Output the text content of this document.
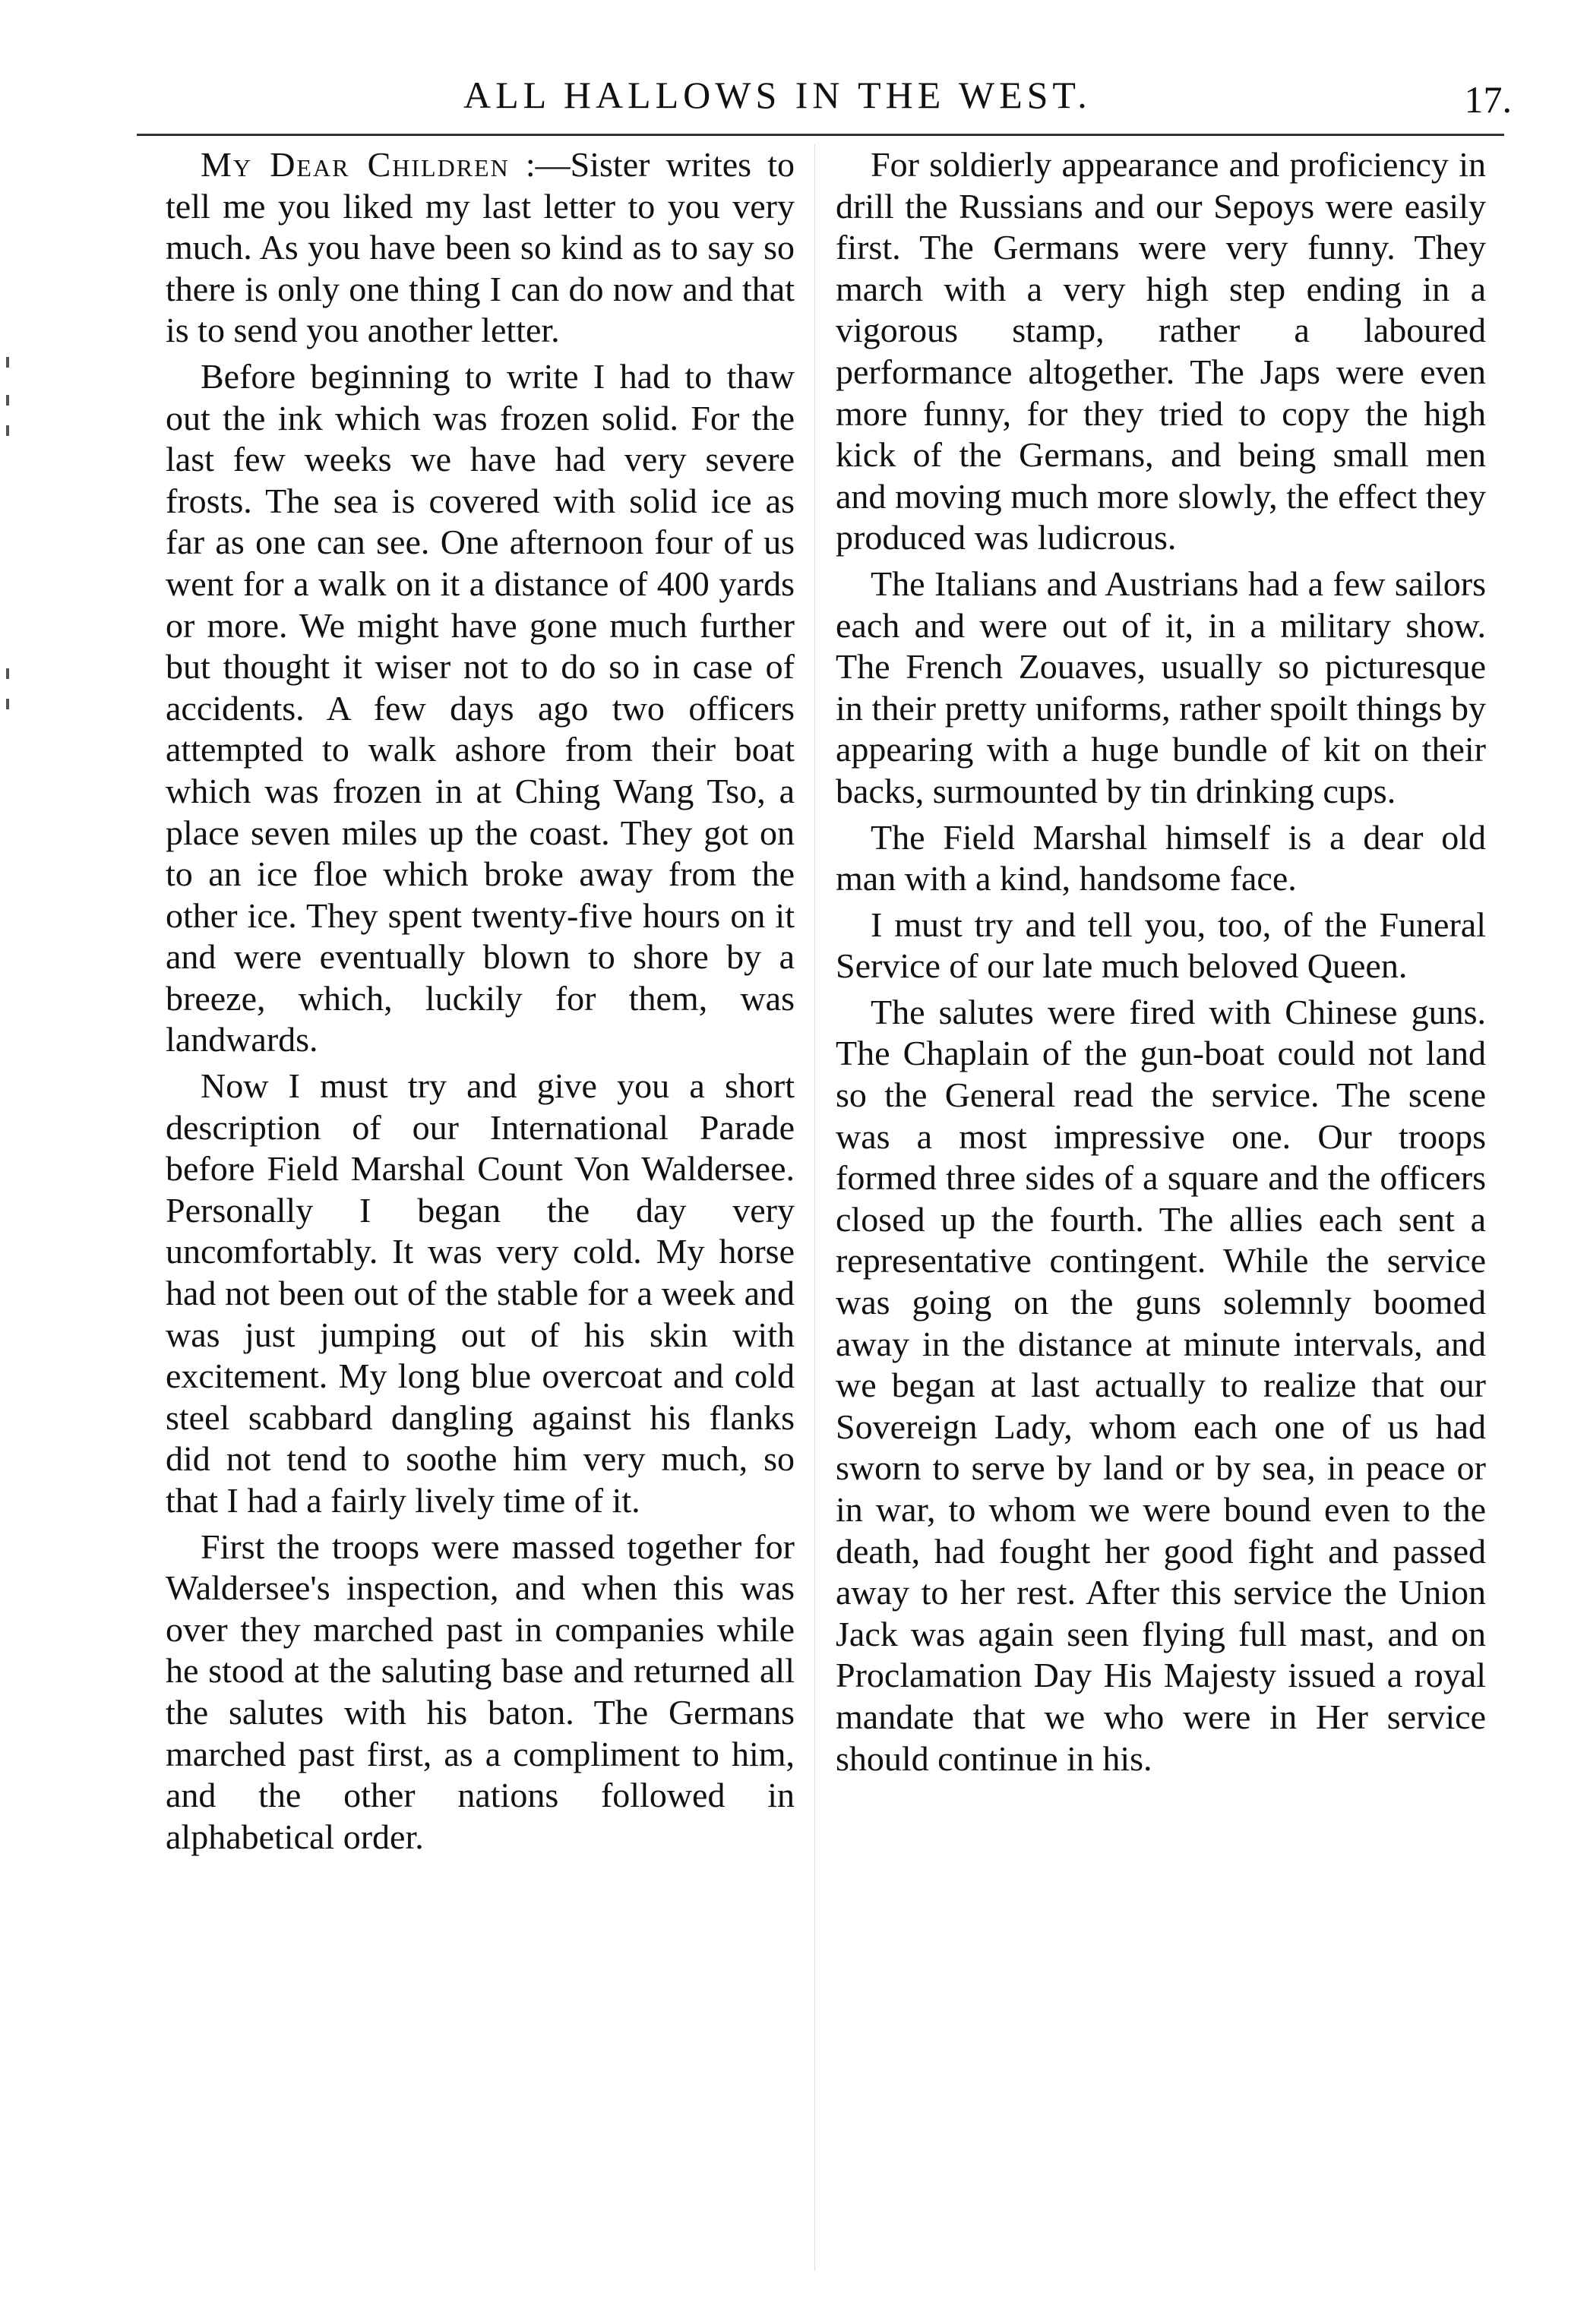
ALL HALLOWS IN THE WEST.	17.

My Dear Children :—Sister writes to tell me you liked my last letter to you very much. As you have been so kind as to say so there is only one thing I can do now and that is to send you another letter.

Before beginning to write I had to thaw out the ink which was frozen solid. For the last few weeks we have had very severe frosts. The sea is covered with solid ice as far as one can see. One afternoon four of us went for a walk on it a distance of 400 yards or more. We might have gone much further but thought it wiser not to do so in case of accidents. A few days ago two officers attempted to walk ashore from their boat which was frozen in at Ching Wang Tso, a place seven miles up the coast. They got on to an ice floe which broke away from the other ice. They spent twenty-five hours on it and were eventually blown to shore by a breeze, which, luckily for them, was landwards.

Now I must try and give you a short description of our International Parade before Field Marshal Count Von Waldersee. Personally I began the day very uncomfortably. It was very cold. My horse had not been out of the stable for a week and was just jumping out of his skin with excitement. My long blue overcoat and cold steel scabbard dangling against his flanks did not tend to soothe him very much, so that I had a fairly lively time of it.

First the troops were massed together for Waldersee's inspection, and when this was over they marched past in companies while he stood at the saluting base and returned all the salutes with his baton. The Germans marched past first, as a compliment to him, and the other nations followed in alphabetical order.

For soldierly appearance and proficiency in drill the Russians and our Sepoys were easily first. The Germans were very funny. They march with a very high step ending in a vigorous stamp, rather a laboured performance altogether. The Japs were even more funny, for they tried to copy the high kick of the Germans, and being small men and moving much more slowly, the effect they produced was ludicrous.

The Italians and Austrians had a few sailors each and were out of it, in a military show. The French Zouaves, usually so picturesque in their pretty uniforms, rather spoilt things by appearing with a huge bundle of kit on their backs, surmounted by tin drinking cups.

The Field Marshal himself is a dear old man with a kind, handsome face.

I must try and tell you, too, of the Funeral Service of our late much beloved Queen.

The salutes were fired with Chinese guns. The Chaplain of the gun-boat could not land so the General read the service. The scene was a most impressive one. Our troops formed three sides of a square and the officers closed up the fourth. The allies each sent a representative contingent. While the service was going on the guns solemnly boomed away in the distance at minute intervals, and we began at last actually to realize that our Sovereign Lady, whom each one of us had sworn to serve by land or by sea, in peace or in war, to whom we were bound even to the death, had fought her good fight and passed away to her rest. After this service the Union Jack was again seen flying full mast, and on Proclamation Day His Majesty issued a royal mandate that we who were in Her service should continue in his.
